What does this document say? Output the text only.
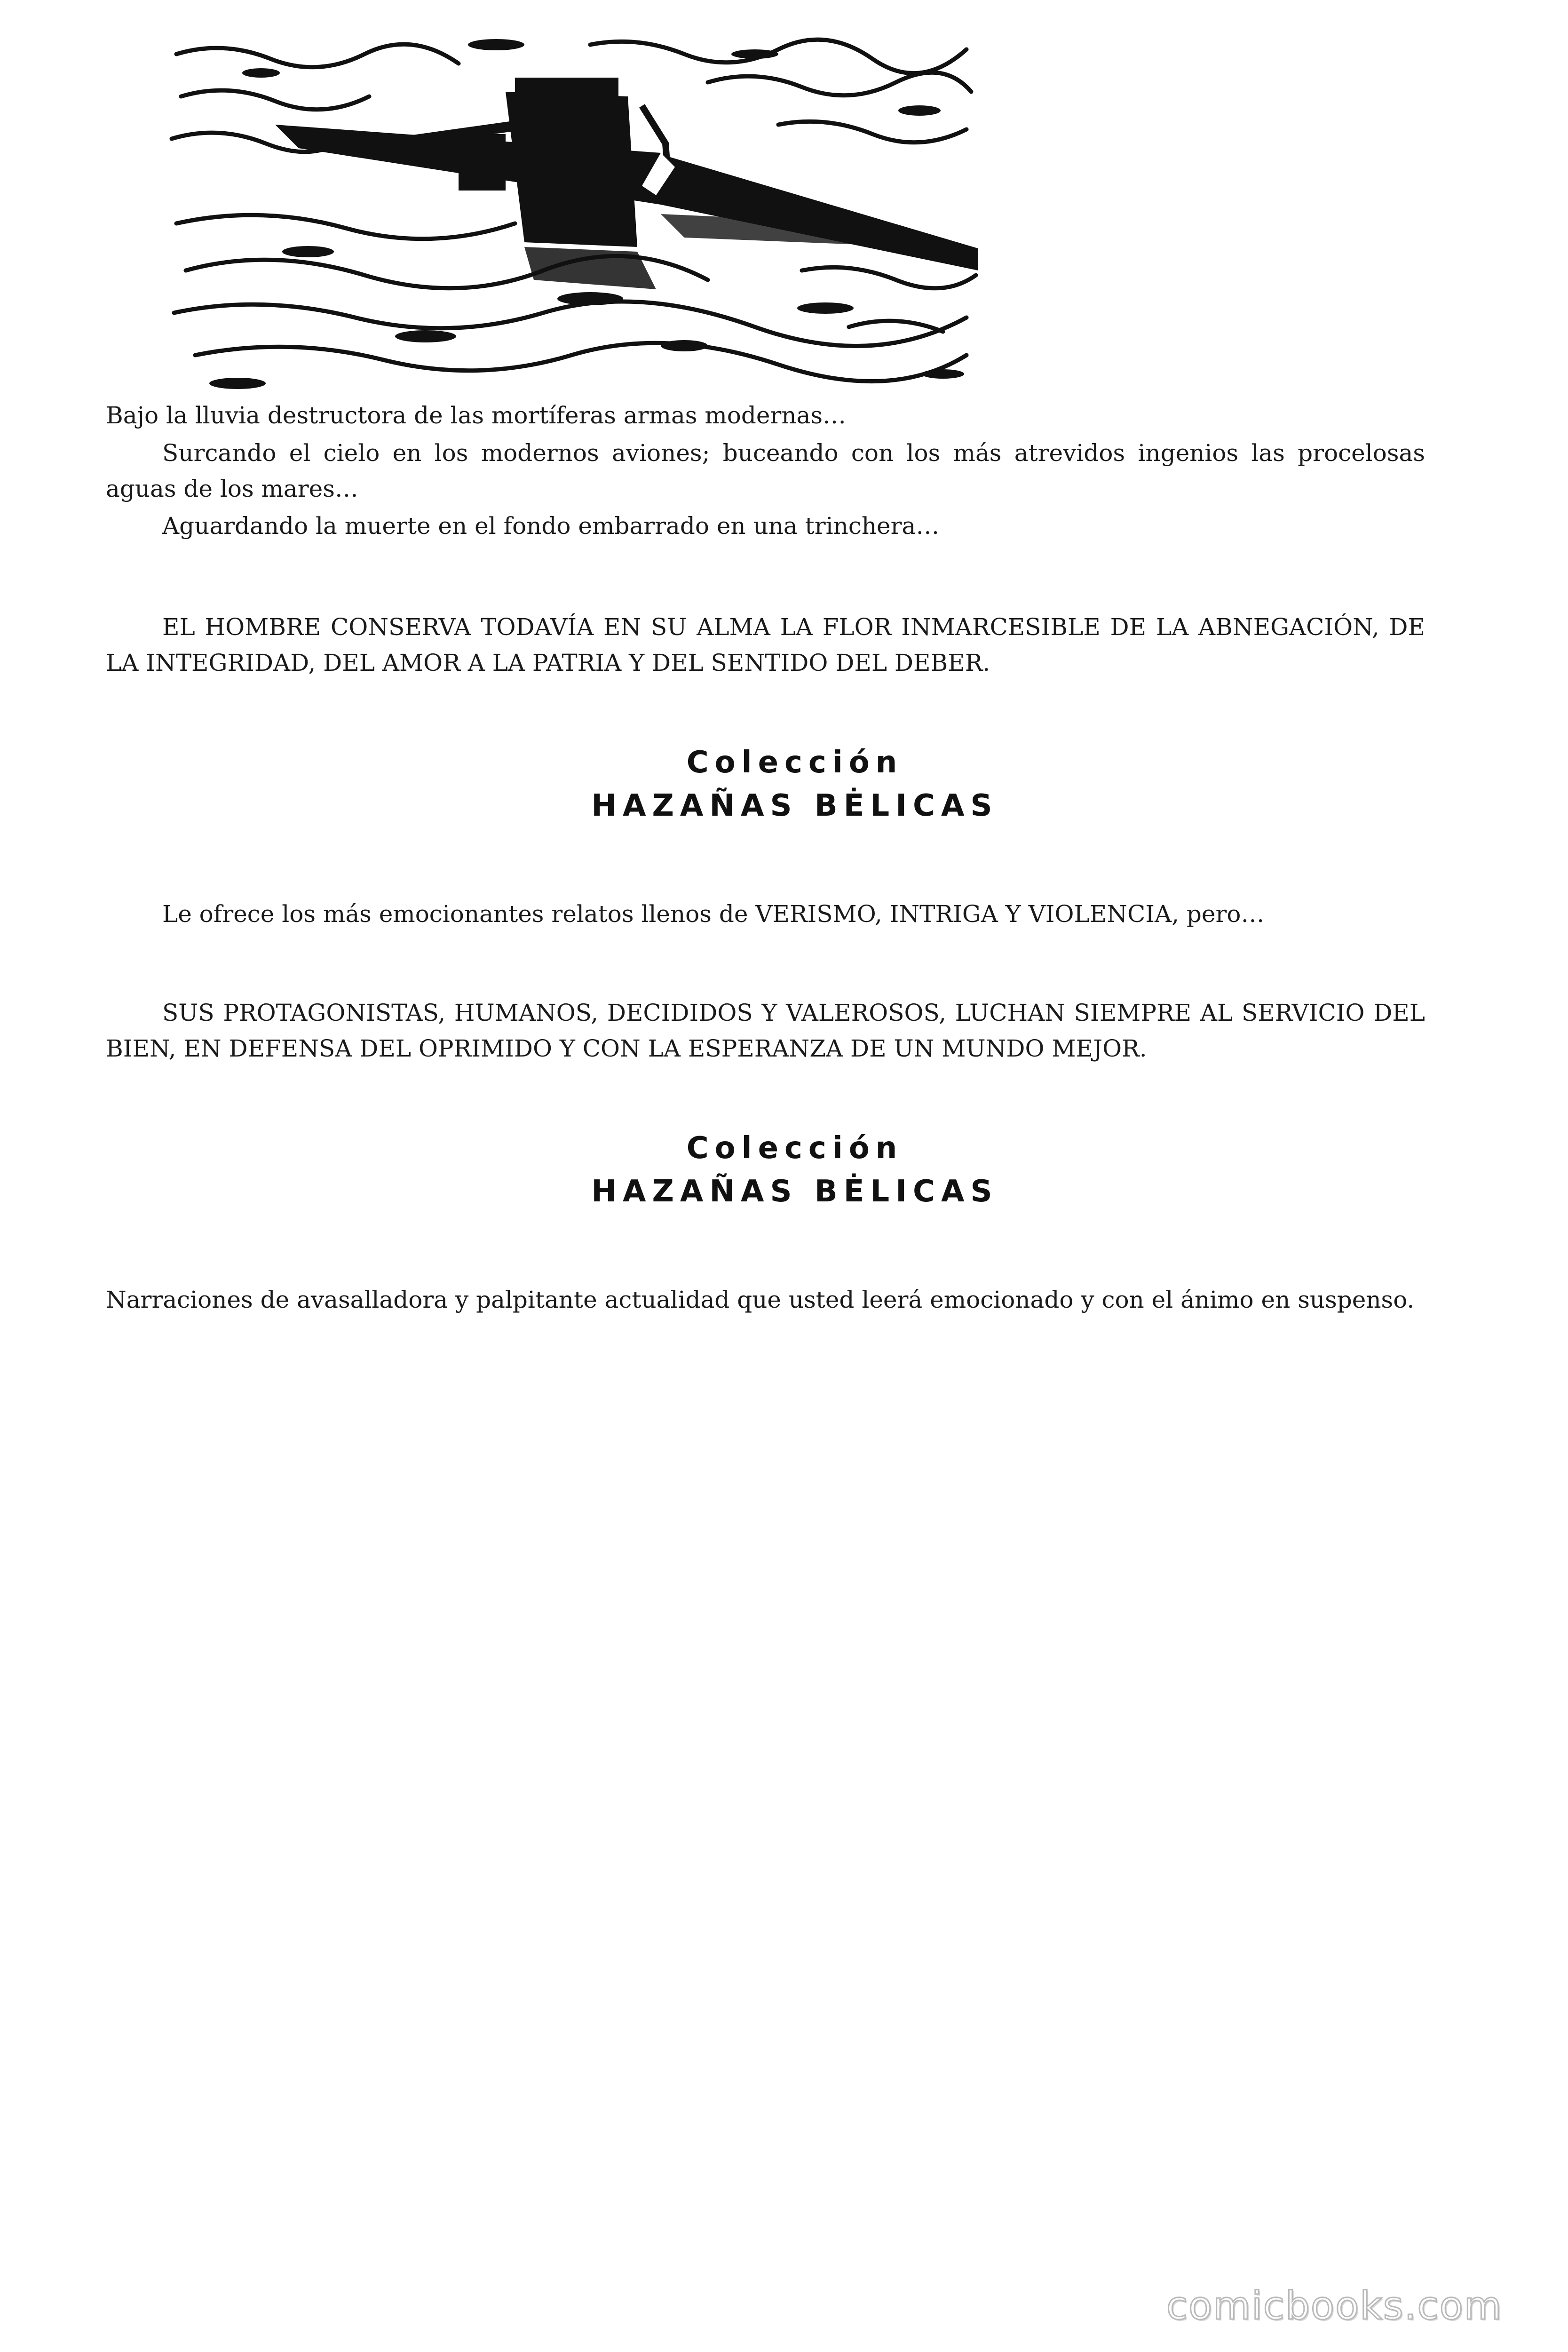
Bajo la lluvia destructora de las mortíferas armas modernas…

Surcando el cielo en los modernos aviones; buceando con los más atrevidos ingenios las procelosas aguas de los mares…

Aguardando la muerte en el fondo embarrado en una trinchera…

EL HOMBRE CONSERVA TODAVÍA EN SU ALMA LA FLOR INMARCESIBLE DE LA ABNEGACIÓN, DE LA INTEGRIDAD, DEL AMOR A LA PATRIA Y DEL SENTIDO DEL DEBER.

Colección
HAZAÑAS BĖLICAS

Le ofrece los más emocionantes relatos llenos de VERISMO, INTRIGA Y VIOLENCIA, pero…

SUS PROTAGONISTAS, HUMANOS, DECIDIDOS Y VALEROSOS, LUCHAN SIEMPRE AL SERVICIO DEL BIEN, EN DEFENSA DEL OPRIMIDO Y CON LA ESPERANZA DE UN MUNDO MEJOR.

Colección
HAZAÑAS BĖLICAS

Narraciones de avasalladora y palpitante actualidad que usted leerá emocionado y con el ánimo en suspenso.

comicbooks.com
